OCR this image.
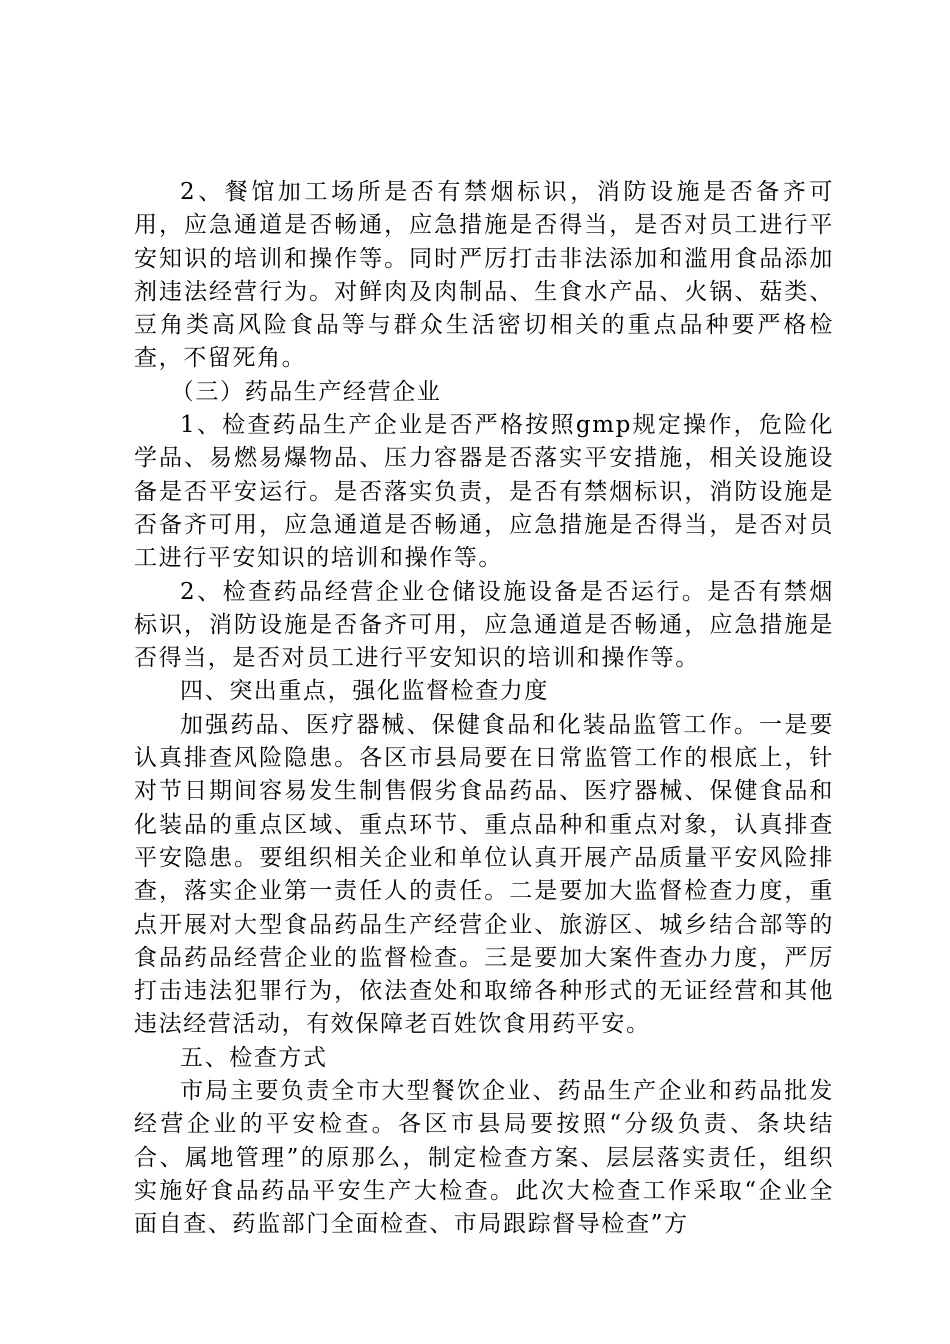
2、餐馆加工场所是否有禁烟标识，消防设施是否备齐可用，应急通道是否畅通，应急措施是否得当，是否对员工进行平安知识的培训和操作等。同时严厉打击非法添加和滥用食品添加剂违法经营行为。对鲜肉及肉制品、生食水产品、火锅、菇类、豆角类高风险食品等与群众生活密切相关的重点品种要严格检查，不留死角。

（三）药品生产经营企业

1、检查药品生产企业是否严格按照gmp规定操作，危险化学品、易燃易爆物品、压力容器是否落实平安措施，相关设施设备是否平安运行。是否落实负责，是否有禁烟标识，消防设施是否备齐可用，应急通道是否畅通，应急措施是否得当，是否对员工进行平安知识的培训和操作等。

2、检查药品经营企业仓储设施设备是否运行。是否有禁烟标识，消防设施是否备齐可用，应急通道是否畅通，应急措施是否得当，是否对员工进行平安知识的培训和操作等。

四、突出重点，强化监督检查力度

加强药品、医疗器械、保健食品和化装品监管工作。一是要认真排查风险隐患。各区市县局要在日常监管工作的根底上，针对节日期间容易发生制售假劣食品药品、医疗器械、保健食品和化装品的重点区域、重点环节、重点品种和重点对象，认真排查平安隐患。要组织相关企业和单位认真开展产品质量平安风险排查，落实企业第一责任人的责任。二是要加大监督检查力度，重点开展对大型食品药品生产经营企业、旅游区、城乡结合部等的食品药品经营企业的监督检查。三是要加大案件查办力度，严厉打击违法犯罪行为，依法查处和取缔各种形式的无证经营和其他违法经营活动，有效保障老百姓饮食用药平安。

五、检查方式

市局主要负责全市大型餐饮企业、药品生产企业和药品批发经营企业的平安检查。各区市县局要按照“分级负责、条块结合、属地管理”的原那么，制定检查方案、层层落实责任，组织实施好食品药品平安生产大检查。此次大检查工作采取“企业全面自查、药监部门全面检查、市局跟踪督导检查”方
